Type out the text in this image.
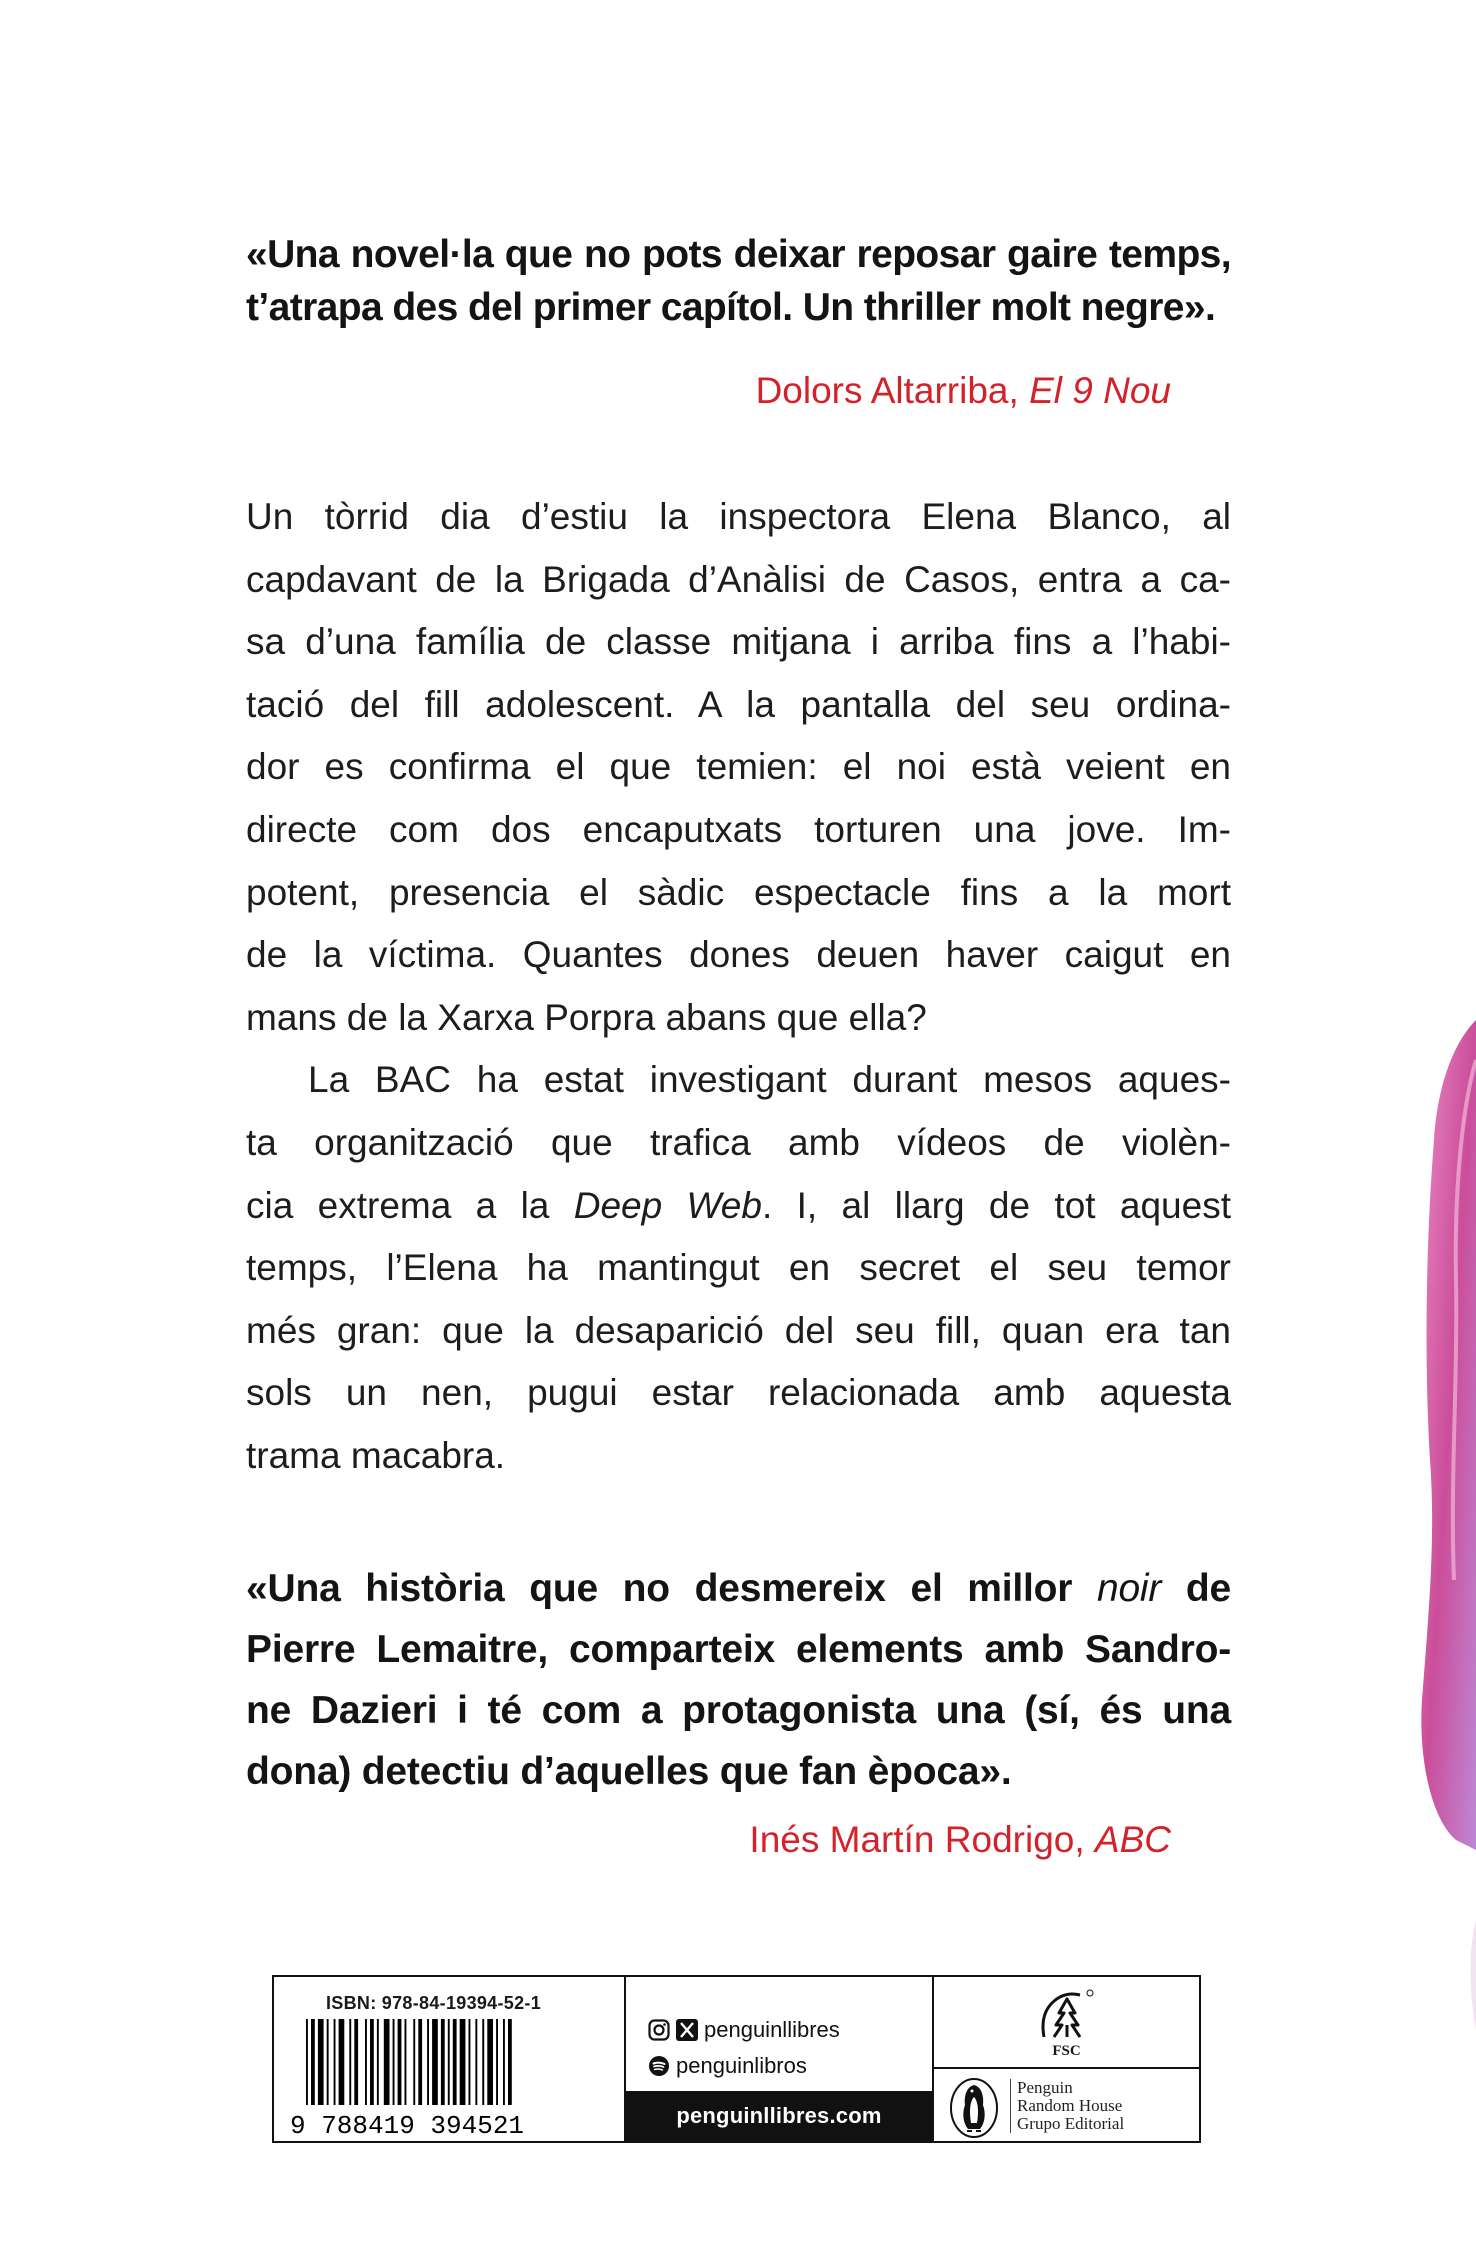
«Una novel·la que no pots deixar reposar gaire temps,
t’atrapa des del primer capítol. Un thriller molt negre».
Dolors Altarriba, El 9 Nou
Un tòrrid dia d’estiu la inspectora Elena Blanco, al
capdavant de la Brigada d’Anàlisi de Casos, entra a ca-
sa d’una família de classe mitjana i arriba fins a l’habi-
tació del fill adolescent. A la pantalla del seu ordina-
dor es confirma el que temien: el noi està veient en
directe com dos encaputxats torturen una jove. Im-
potent, presencia el sàdic espectacle fins a la mort
de la víctima. Quantes dones deuen haver caigut en
mans de la Xarxa Porpra abans que ella?
La BAC ha estat investigant durant mesos aques-
ta organització que trafica amb vídeos de violèn-
cia extrema a la Deep Web. I, al llarg de tot aquest
temps, l’Elena ha mantingut en secret el seu temor
més gran: que la desaparició del seu fill, quan era tan
sols un nen, pugui estar relacionada amb aquesta
trama macabra.
«Una història que no desmereix el millor noir de
Pierre Lemaitre, comparteix elements amb Sandro-
ne Dazieri i té com a protagonista una (sí, és una
dona) detectiu d’aquelles que fan època».
Inés Martín Rodrigo, ABC
ISBN: 978-84-19394-52-1
9 788419 394521
penguinllibres
penguinlibros
penguinllibres.com
FSC
Penguin
Random House
Grupo Editorial
